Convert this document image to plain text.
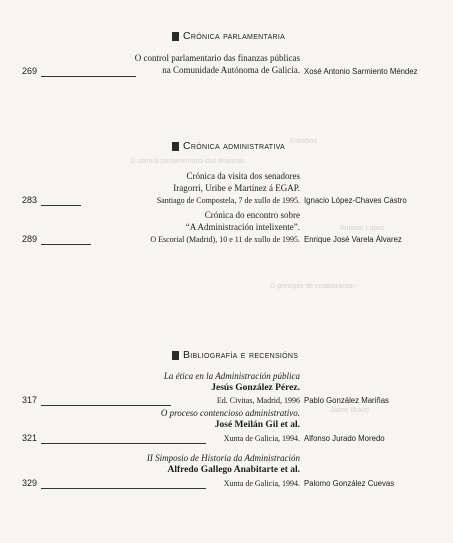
Estudios
O control parlamentario das finanzas
Antonio Lopez
O principio de colaboración
Jaime Bravo
Crónica parlamentaria
O control parlamentario das finanzas públicas
na Comunidade Autónoma de Galicia.
269	Xosé Antonio Sarmiento Méndez
Crónica administrativa
Crónica da visita dos senadores
Iragorri, Uribe e Martínez á EGAP.
Santiago de Compostela, 7 de xullo de 1995.
283	Ignacio López-Chaves Castro
Crónica do encontro sobre
“A Administración intelixente”.
O Escorial (Madrid), 10 e 11 de xullo de 1995.
289	Enrique José Varela Álvarez
Bibliografía e recensións
La ética en la Administración pública
Jesús González Pérez.
Ed. Civitas, Madrid, 1996
317	Pablo González Mariñas
O proceso contencioso administrativo.
José Meilán Gil et al.
Xunta de Galicia, 1994.
321	Alfonso Jurado Moredo
II Simposio de Historia da Administración
Alfredo Gallego Anabitarte et al.
Xunta de Galicia, 1994.
329	Palomo González Cuevas
